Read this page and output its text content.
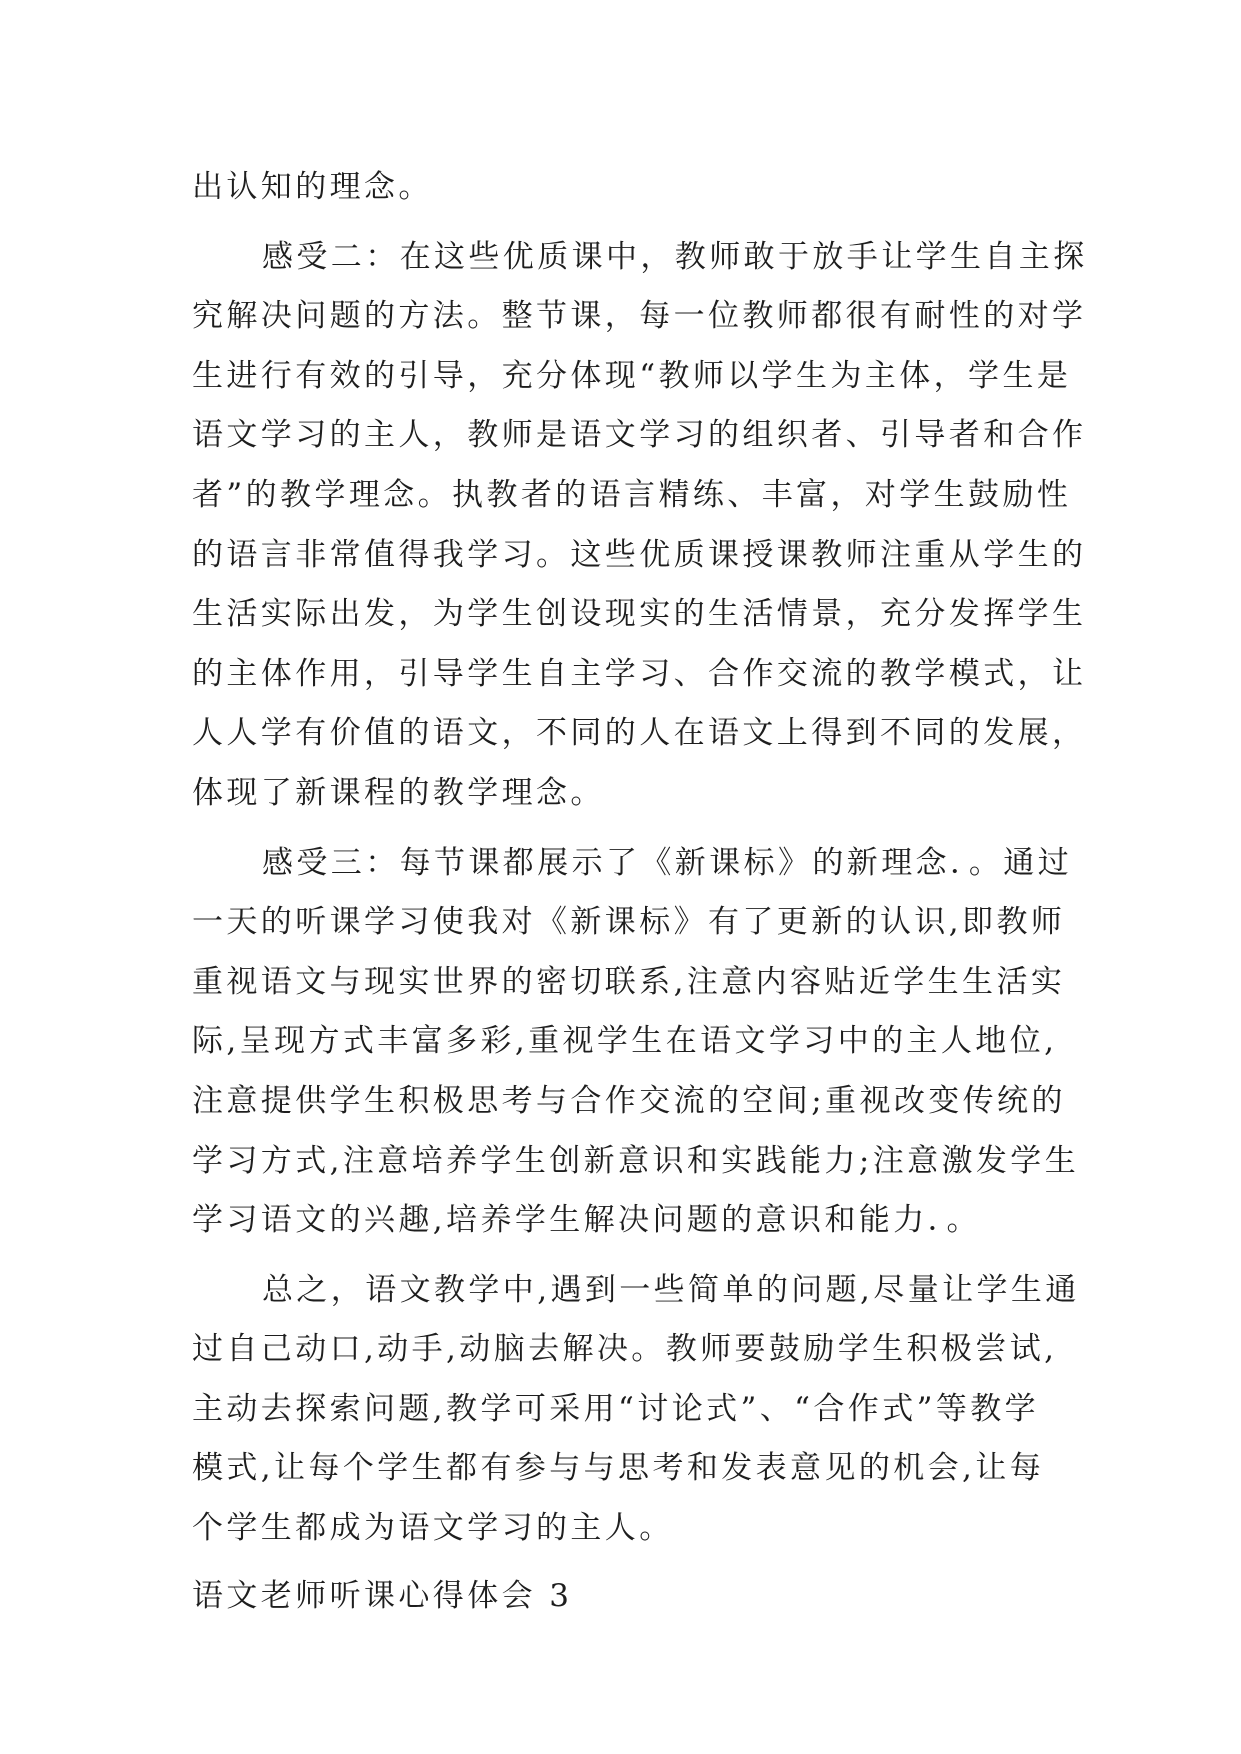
出认知的理念。
感受二：在这些优质课中，教师敢于放手让学生自主探
究解决问题的方法。整节课，每一位教师都很有耐性的对学
生进行有效的引导，充分体现“教师以学生为主体，学生是
语文学习的主人，教师是语文学习的组织者、引导者和合作
者”的教学理念。执教者的语言精练、丰富，对学生鼓励性
的语言非常值得我学习。这些优质课授课教师注重从学生的
生活实际出发，为学生创设现实的生活情景，充分发挥学生
的主体作用，引导学生自主学习、合作交流的教学模式，让
人人学有价值的语文，不同的人在语文上得到不同的发展，
体现了新课程的教学理念。
感受三：每节课都展示了《新课标》的新理念．。通过
一天的听课学习使我对《新课标》有了更新的认识,即教师
重视语文与现实世界的密切联系,注意内容贴近学生生活实
际,呈现方式丰富多彩,重视学生在语文学习中的主人地位,
注意提供学生积极思考与合作交流的空间;重视改变传统的
学习方式,注意培养学生创新意识和实践能力;注意激发学生
学习语文的兴趣,培养学生解决问题的意识和能力．。
总之，语文教学中,遇到一些简单的问题,尽量让学生通
过自己动口,动手,动脑去解决。教师要鼓励学生积极尝试,
主动去探索问题,教学可采用“讨论式”、“合作式”等教学
模式,让每个学生都有参与与思考和发表意见的机会,让每
个学生都成为语文学习的主人。
语文老师听课心得体会 3
